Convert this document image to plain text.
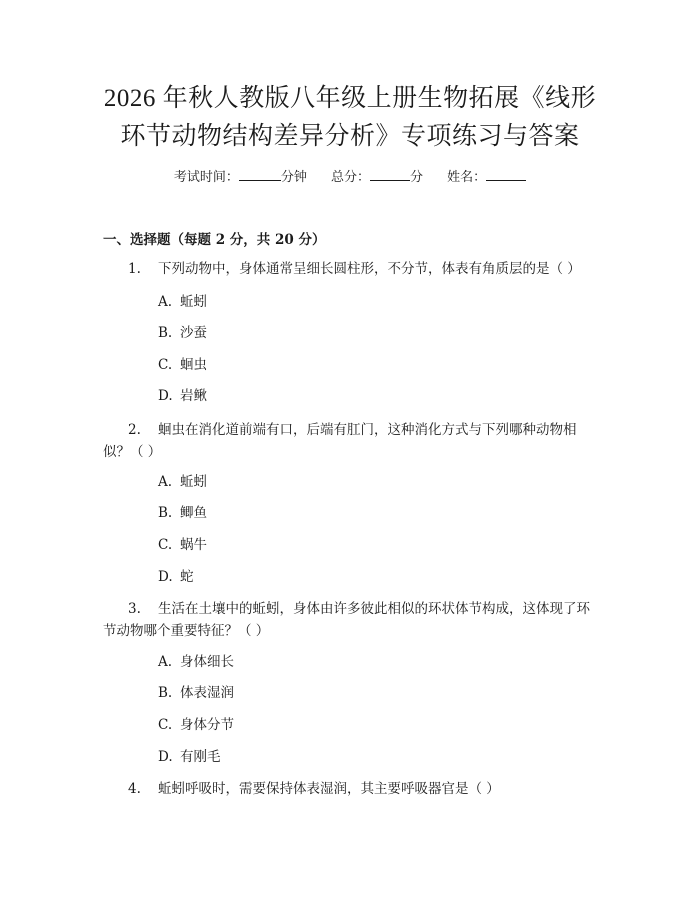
2026 年秋人教版八年级上册生物拓展《线形
环节动物结构差异分析》专项练习与答案
考试时间：	分钟 总分：	分 姓名：
一、选择题（每题 2 分，共 20 分）
1. 下列动物中，身体通常呈细长圆柱形，不分节，体表有角质层的是（ ）
A. 蚯蚓
B. 沙蚕
C. 蛔虫
D. 岩鳅
2. 蛔虫在消化道前端有口，后端有肛门，这种消化方式与下列哪种动物相似？（ ）
A. 蚯蚓
B. 鲫鱼
C. 蜗牛
D. 蛇
3. 生活在土壤中的蚯蚓，身体由许多彼此相似的环状体节构成，这体现了环节动物哪个重要特征？（ ）
A. 身体细长
B. 体表湿润
C. 身体分节
D. 有刚毛
4. 蚯蚓呼吸时，需要保持体表湿润，其主要呼吸器官是（ ）
